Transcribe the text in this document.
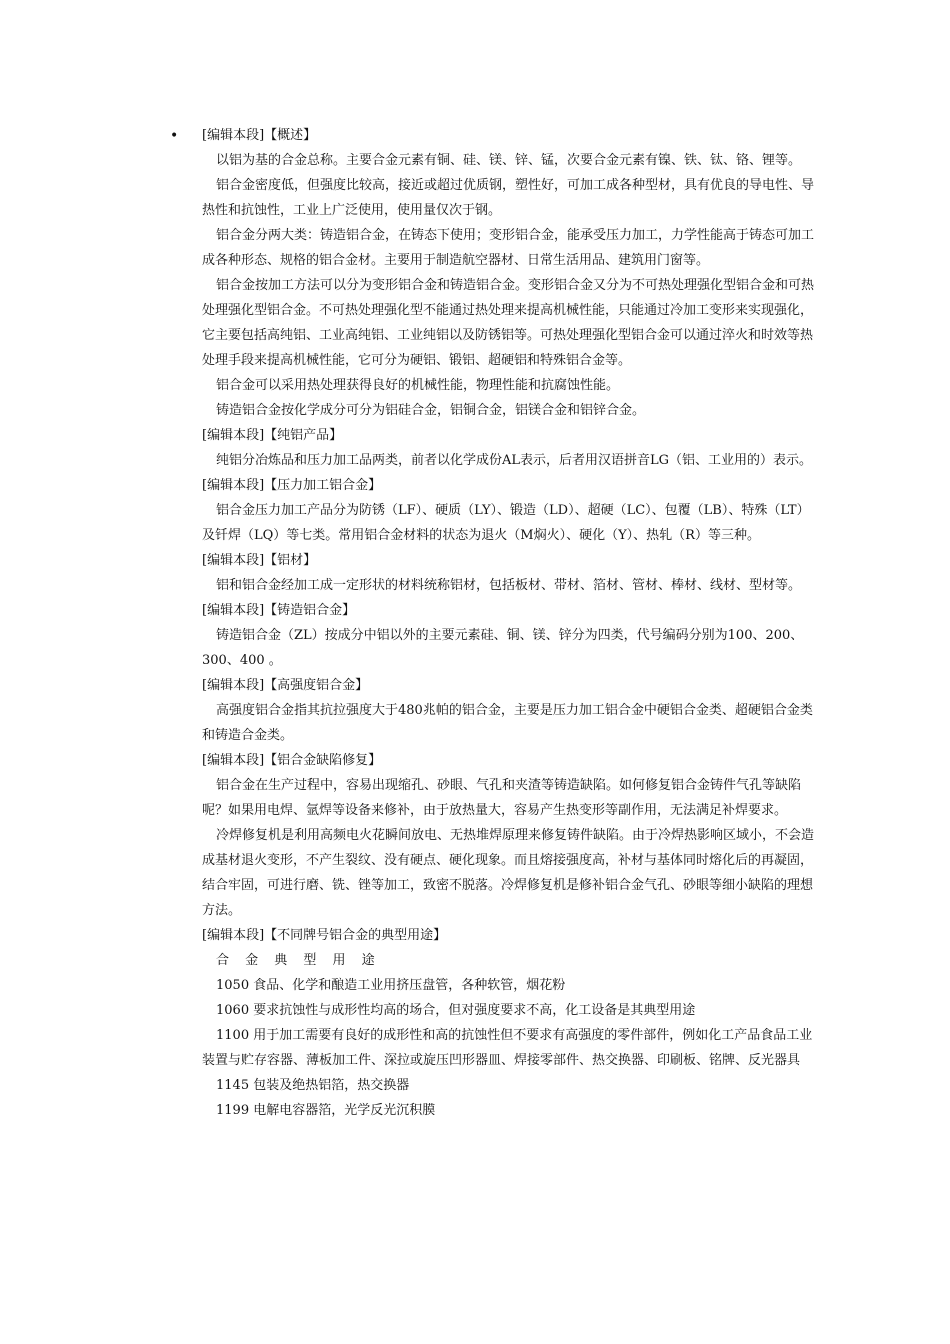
• [编辑本段]【概述】
以铝为基的合金总称。主要合金元素有铜、硅、镁、锌、锰，次要合金元素有镍、铁、钛、铬、锂等。
铝合金密度低，但强度比较高，接近或超过优质钢，塑性好，可加工成各种型材，具有优良的导电性、导热性和抗蚀性，工业上广泛使用，使用量仅次于钢。
铝合金分两大类：铸造铝合金，在铸态下使用；变形铝合金，能承受压力加工，力学性能高于铸态可加工成各种形态、规格的铝合金材。主要用于制造航空器材、日常生活用品、建筑用门窗等。
铝合金按加工方法可以分为变形铝合金和铸造铝合金。变形铝合金又分为不可热处理强化型铝合金和可热处理强化型铝合金。不可热处理强化型不能通过热处理来提高机械性能，只能通过冷加工变形来实现强化，它主要包括高纯铝、工业高纯铝、工业纯铝以及防锈铝等。可热处理强化型铝合金可以通过淬火和时效等热处理手段来提高机械性能，它可分为硬铝、锻铝、超硬铝和特殊铝合金等。
铝合金可以采用热处理获得良好的机械性能，物理性能和抗腐蚀性能。
铸造铝合金按化学成分可分为铝硅合金，铝铜合金，铝镁合金和铝锌合金。
[编辑本段]【纯铝产品】
纯铝分冶炼品和压力加工品两类，前者以化学成份AL表示，后者用汉语拼音LG（铝、工业用的）表示。
[编辑本段]【压力加工铝合金】
铝合金压力加工产品分为防锈（LF）、硬质（LY）、锻造（LD）、超硬（LC）、包覆（LB）、特殊（LT）及钎焊（LQ）等七类。常用铝合金材料的状态为退火（M焖火）、硬化（Y）、热轧（R）等三种。
[编辑本段]【铝材】
铝和铝合金经加工成一定形状的材料统称铝材，包括板材、带材、箔材、管材、棒材、线材、型材等。
[编辑本段]【铸造铝合金】
铸造铝合金（ZL）按成分中铝以外的主要元素硅、铜、镁、锌分为四类，代号编码分别为100、200、300、400 。
[编辑本段]【高强度铝合金】
高强度铝合金指其抗拉强度大于480兆帕的铝合金，主要是压力加工铝合金中硬铝合金类、超硬铝合金类和铸造合金类。
[编辑本段]【铝合金缺陷修复】
铝合金在生产过程中，容易出现缩孔、砂眼、气孔和夹渣等铸造缺陷。如何修复铝合金铸件气孔等缺陷呢？如果用电焊、氩焊等设备来修补，由于放热量大，容易产生热变形等副作用，无法满足补焊要求。
冷焊修复机是利用高频电火花瞬间放电、无热堆焊原理来修复铸件缺陷。由于冷焊热影响区域小，不会造成基材退火变形，不产生裂纹、没有硬点、硬化现象。而且熔接强度高，补材与基体同时熔化后的再凝固，结合牢固，可进行磨、铣、锉等加工，致密不脱落。冷焊修复机是修补铝合金气孔、砂眼等细小缺陷的理想方法。
[编辑本段]【不同牌号铝合金的典型用途】
合 金 典 型 用 途
1050 食品、化学和酿造工业用挤压盘管，各种软管，烟花粉
1060 要求抗蚀性与成形性均高的场合，但对强度要求不高，化工设备是其典型用途
1100 用于加工需要有良好的成形性和高的抗蚀性但不要求有高强度的零件部件，例如化工产品食品工业装置与贮存容器、薄板加工件、深拉或旋压凹形器皿、焊接零部件、热交换器、印刷板、铭牌、反光器具
1145 包装及绝热铝箔，热交换器
1199 电解电容器箔，光学反光沉积膜
